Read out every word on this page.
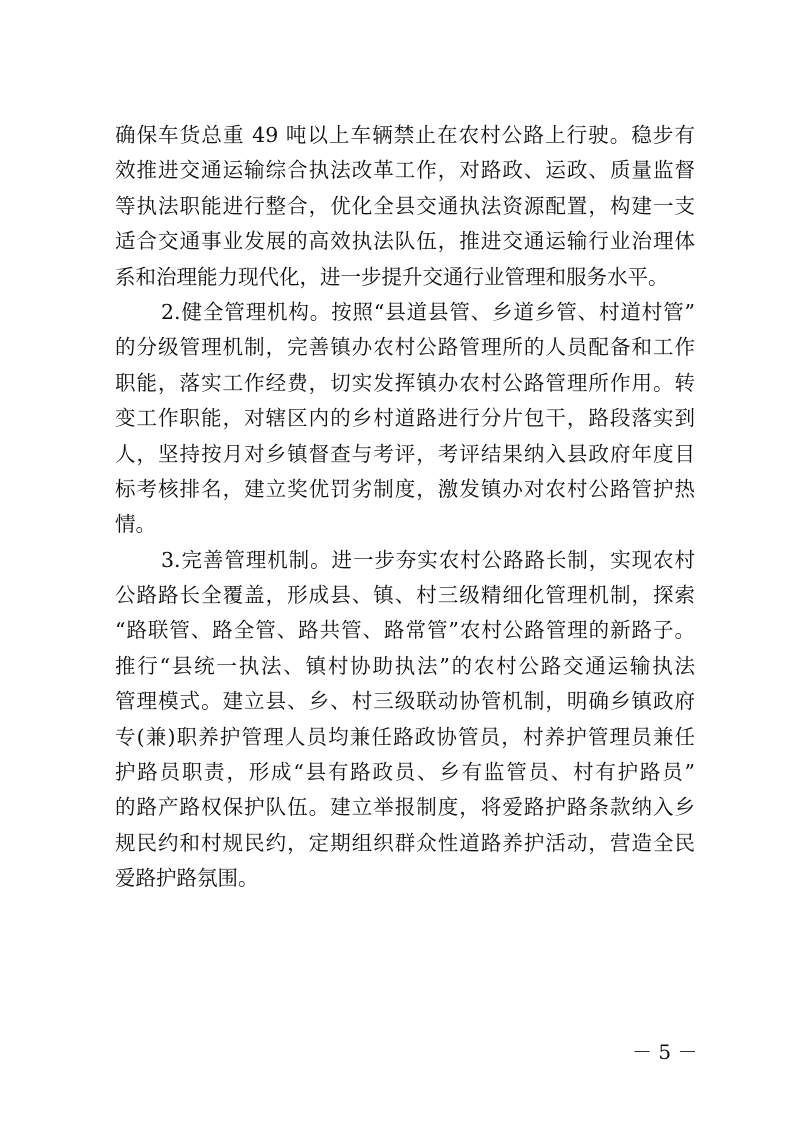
确保车货总重 49 吨以上车辆禁止在农村公路上行驶。稳步有
效推进交通运输综合执法改革工作，对路政、运政、质量监督
等执法职能进行整合，优化全县交通执法资源配置，构建一支
适合交通事业发展的高效执法队伍，推进交通运输行业治理体
系和治理能力现代化，进一步提升交通行业管理和服务水平。
2.健全管理机构。按照“县道县管、乡道乡管、村道村管”
的分级管理机制，完善镇办农村公路管理所的人员配备和工作
职能，落实工作经费，切实发挥镇办农村公路管理所作用。转
变工作职能，对辖区内的乡村道路进行分片包干，路段落实到
人，坚持按月对乡镇督查与考评，考评结果纳入县政府年度目
标考核排名，建立奖优罚劣制度，激发镇办对农村公路管护热
情。
3.完善管理机制。进一步夯实农村公路路长制，实现农村
公路路长全覆盖，形成县、镇、村三级精细化管理机制，探索
“路联管、路全管、路共管、路常管”农村公路管理的新路子。
推行“县统一执法、镇村协助执法”的农村公路交通运输执法
管理模式。建立县、乡、村三级联动协管机制，明确乡镇政府
专(兼)职养护管理人员均兼任路政协管员，村养护管理员兼任
护路员职责，形成“县有路政员、乡有监管员、村有护路员”
的路产路权保护队伍。建立举报制度，将爱路护路条款纳入乡
规民约和村规民约，定期组织群众性道路养护活动，营造全民
爱路护路氛围。
－ 5 －
